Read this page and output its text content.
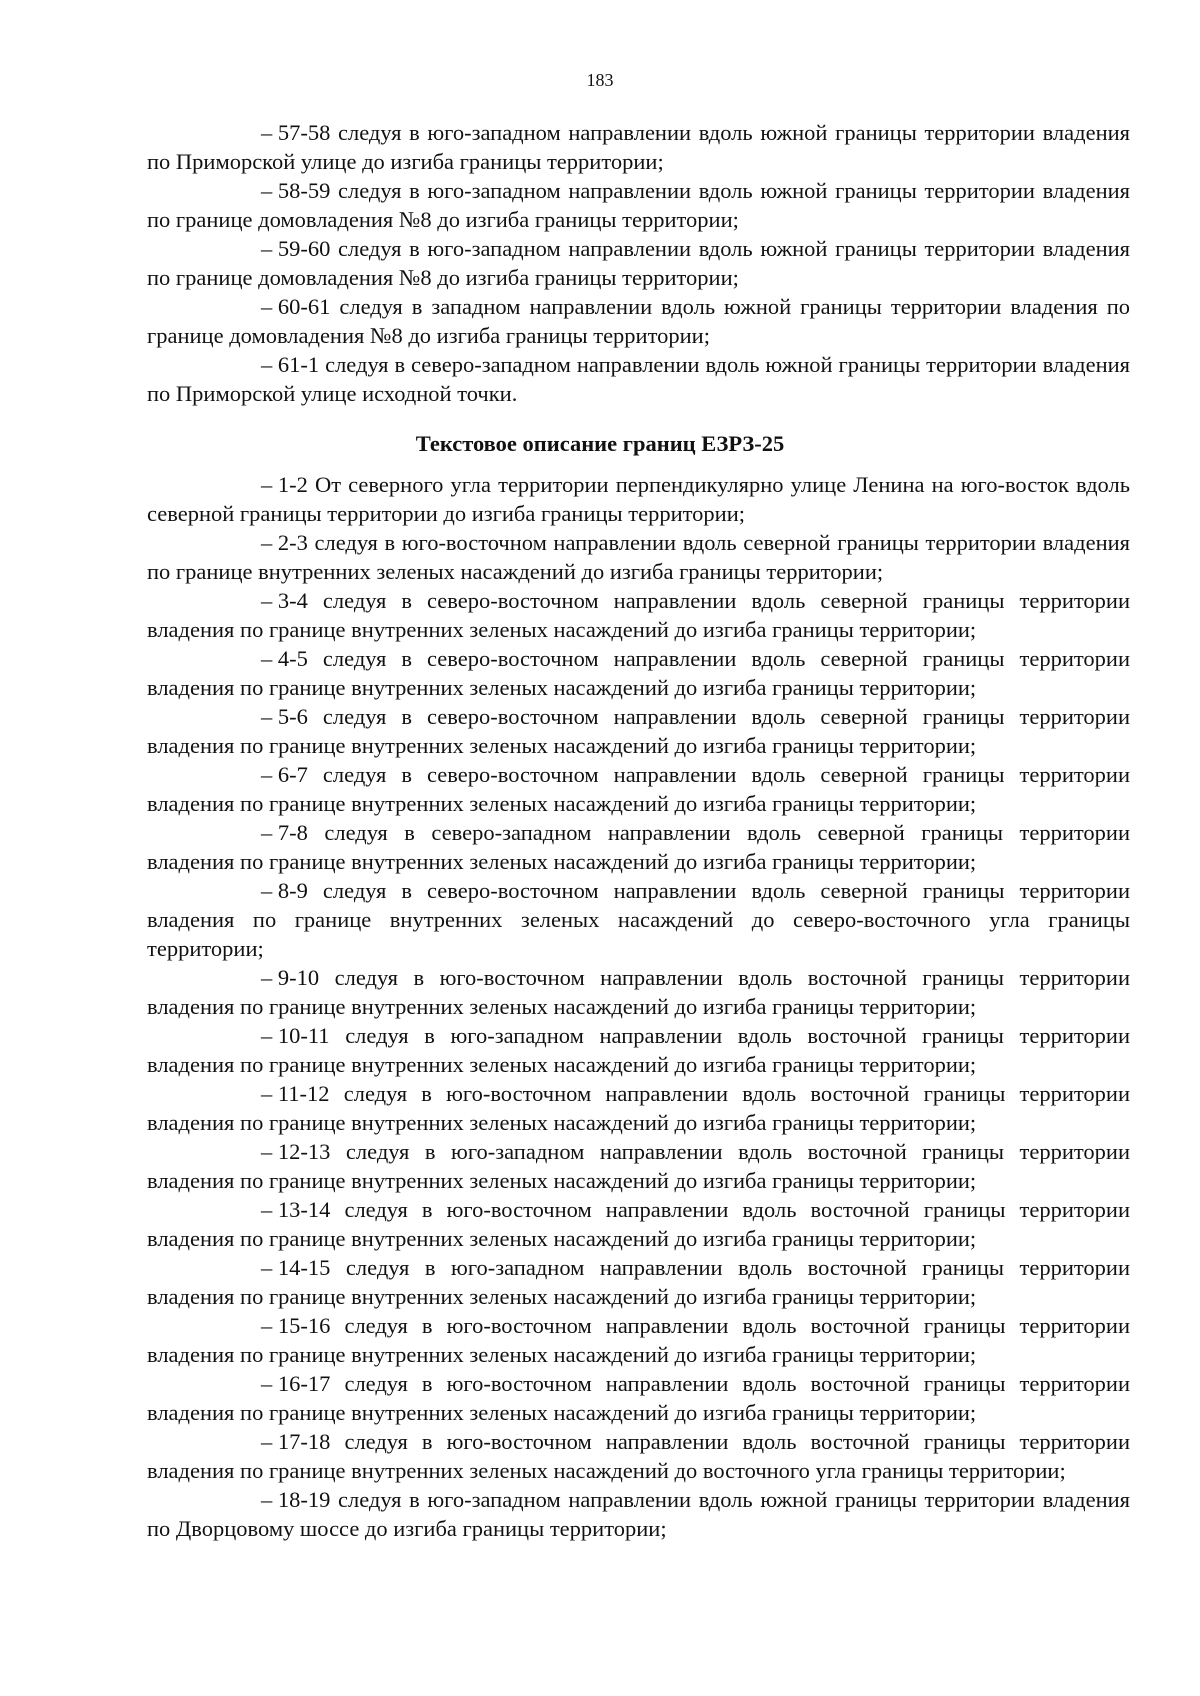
183

– 57-58 следуя в юго-западном направлении вдоль южной границы территории владения по Приморской улице до изгиба границы территории;

– 58-59 следуя в юго-западном направлении вдоль южной границы территории владения по границе домовладения №8 до изгиба границы территории;

– 59-60 следуя в юго-западном направлении вдоль южной границы территории владения по границе домовладения №8 до изгиба границы территории;

– 60-61 следуя в западном направлении вдоль южной границы территории владения по границе домовладения №8 до изгиба границы территории;

– 61-1 следуя в северо-западном направлении вдоль южной границы территории владения по Приморской улице исходной точки.

Текстовое описание границ ЕЗРЗ-25

– 1-2 От северного угла территории перпендикулярно улице Ленина на юго-восток вдоль северной границы территории до изгиба границы территории;

– 2-3 следуя в юго-восточном направлении вдоль северной границы территории владения по границе внутренних зеленых насаждений до изгиба границы территории;

– 3-4 следуя в северо-восточном направлении вдоль северной границы территории владения по границе внутренних зеленых насаждений до изгиба границы территории;

– 4-5 следуя в северо-восточном направлении вдоль северной границы территории владения по границе внутренних зеленых насаждений до изгиба границы территории;

– 5-6 следуя в северо-восточном направлении вдоль северной границы территории владения по границе внутренних зеленых насаждений до изгиба границы территории;

– 6-7 следуя в северо-восточном направлении вдоль северной границы территории владения по границе внутренних зеленых насаждений до изгиба границы территории;

– 7-8 следуя в северо-западном направлении вдоль северной границы территории владения по границе внутренних зеленых насаждений до изгиба границы территории;

– 8-9 следуя в северо-восточном направлении вдоль северной границы территории владения по границе внутренних зеленых насаждений до северо-восточного угла границы территории;

– 9-10 следуя в юго-восточном направлении вдоль восточной границы территории владения по границе внутренних зеленых насаждений до изгиба границы территории;

– 10-11 следуя в юго-западном направлении вдоль восточной границы территории владения по границе внутренних зеленых насаждений до изгиба границы территории;

– 11-12 следуя в юго-восточном направлении вдоль восточной границы территории владения по границе внутренних зеленых насаждений до изгиба границы территории;

– 12-13 следуя в юго-западном направлении вдоль восточной границы территории владения по границе внутренних зеленых насаждений до изгиба границы территории;

– 13-14 следуя в юго-восточном направлении вдоль восточной границы территории владения по границе внутренних зеленых насаждений до изгиба границы территории;

– 14-15 следуя в юго-западном направлении вдоль восточной границы территории владения по границе внутренних зеленых насаждений до изгиба границы территории;

– 15-16 следуя в юго-восточном направлении вдоль восточной границы территории владения по границе внутренних зеленых насаждений до изгиба границы территории;

– 16-17 следуя в юго-восточном направлении вдоль восточной границы территории владения по границе внутренних зеленых насаждений до изгиба границы территории;

– 17-18 следуя в юго-восточном направлении вдоль восточной границы территории владения по границе внутренних зеленых насаждений до восточного угла границы территории;

– 18-19 следуя в юго-западном направлении вдоль южной границы территории владения по Дворцовому шоссе до изгиба границы территории;
